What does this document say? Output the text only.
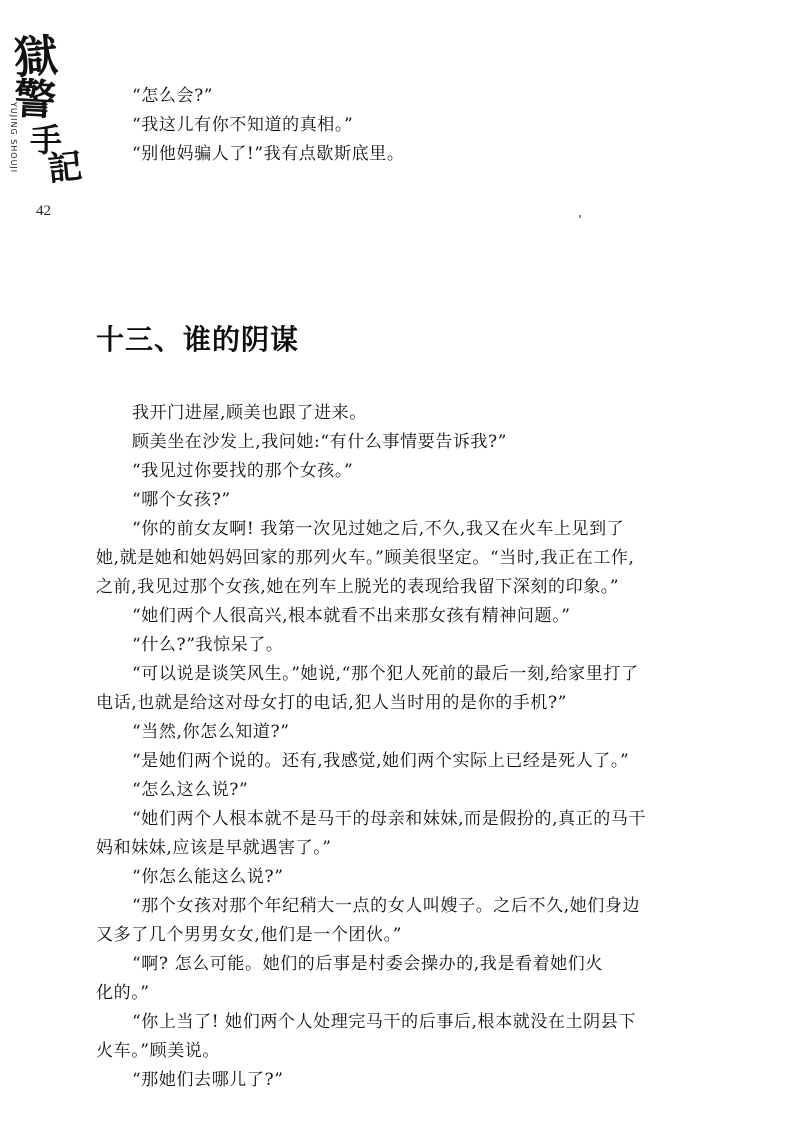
獄
警
手
記
YUJING SHOUJI
42
“怎么会?”
“我这儿有你不知道的真相。”
“别他妈骗人了!”我有点歇斯底里。
十三、谁的阴谋
我开门进屋,顾美也跟了进来。
顾美坐在沙发上,我问她:“有什么事情要告诉我?”
“我见过你要找的那个女孩。”
“哪个女孩?”
“你的前女友啊! 我第一次见过她之后,不久,我又在火车上见到了
她,就是她和她妈妈回家的那列火车。”顾美很坚定。“当时,我正在工作,
之前,我见过那个女孩,她在列车上脱光的表现给我留下深刻的印象。”
“她们两个人很高兴,根本就看不出来那女孩有精神问题。”
“什么?”我惊呆了。
“可以说是谈笑风生。”她说,“那个犯人死前的最后一刻,给家里打了
电话,也就是给这对母女打的电话,犯人当时用的是你的手机?”
“当然,你怎么知道?”
“是她们两个说的。还有,我感觉,她们两个实际上已经是死人了。”
“怎么这么说?”
“她们两个人根本就不是马干的母亲和妹妹,而是假扮的,真正的马干
妈和妹妹,应该是早就遇害了。”
“你怎么能这么说?”
“那个女孩对那个年纪稍大一点的女人叫嫂子。之后不久,她们身边
又多了几个男男女女,他们是一个团伙。”
“啊? 怎么可能。她们的后事是村委会操办的,我是看着她们火
化的。”
“你上当了! 她们两个人处理完马干的后事后,根本就没在土阴县下
火车。”顾美说。
“那她们去哪儿了?”
